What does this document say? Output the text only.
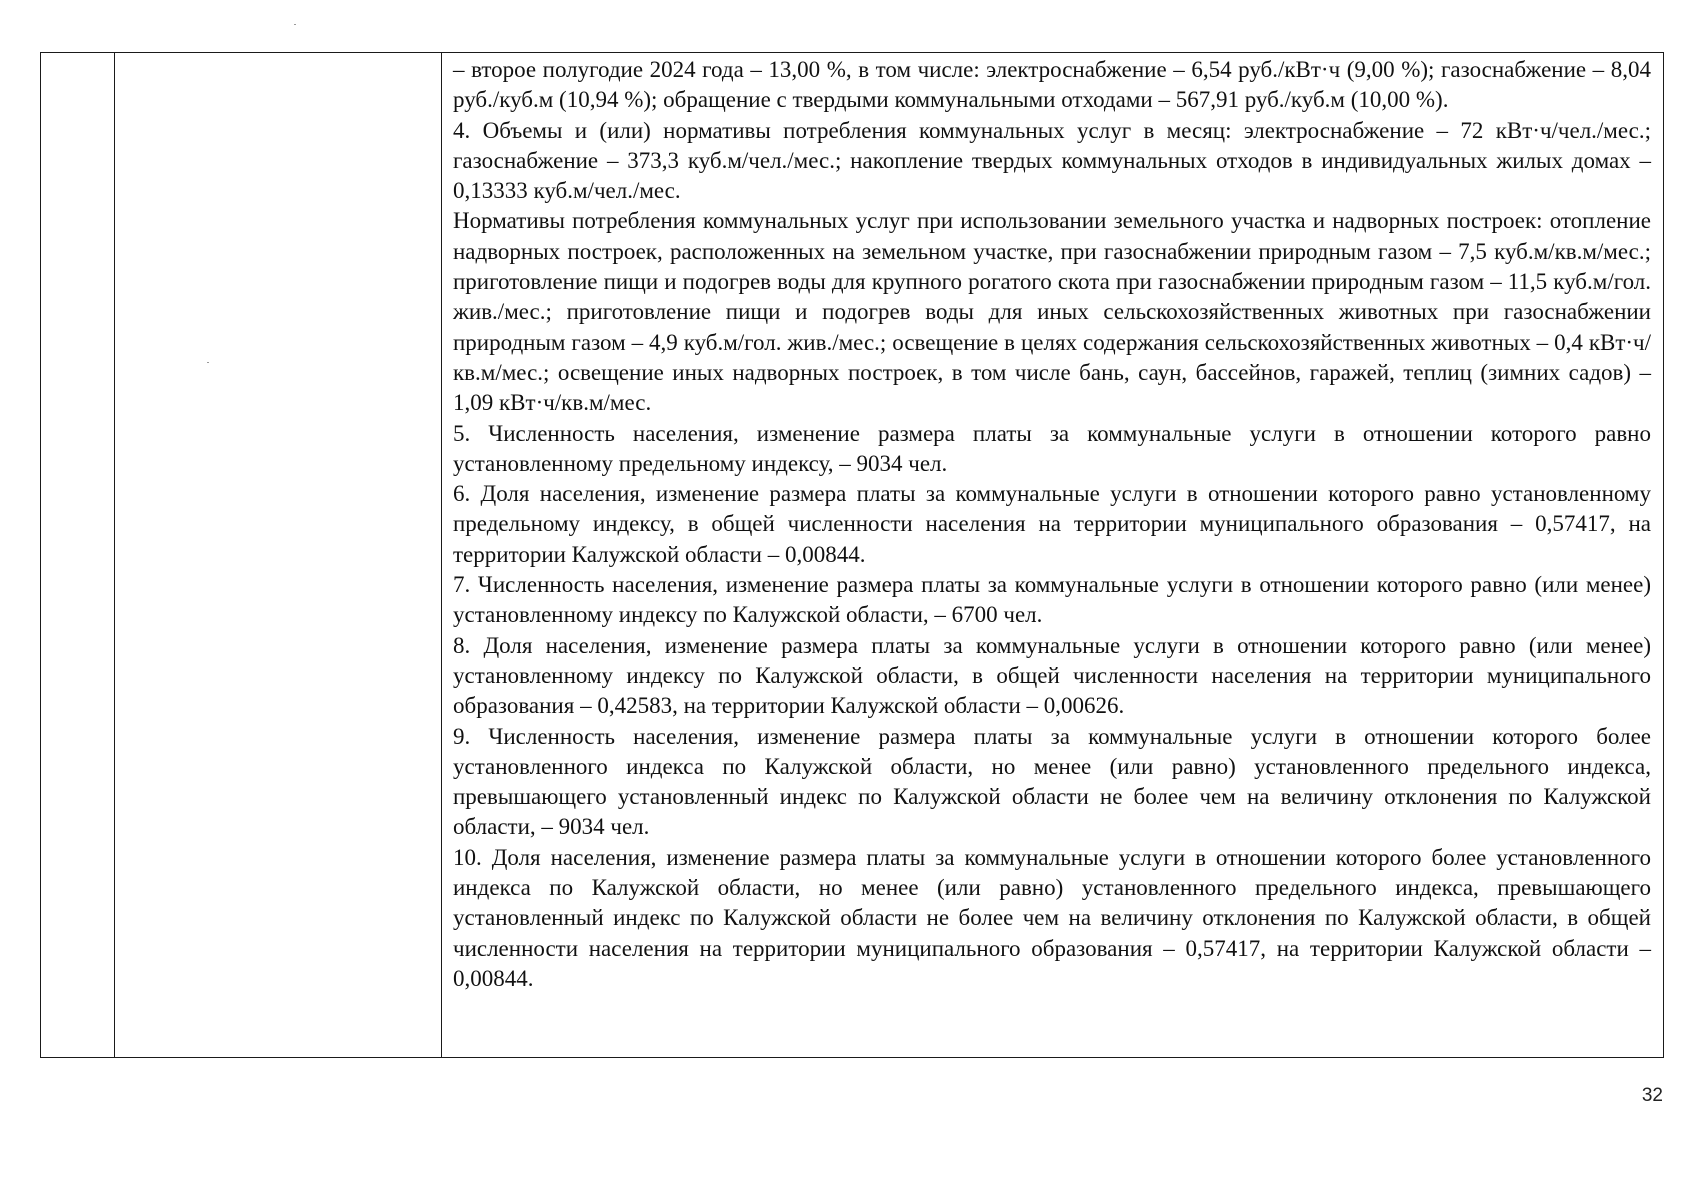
– второе полугодие 2024 года – 13,00 %, в том числе: электроснабжение – 6,54 руб./кВт·ч (9,00 %); газоснабжение – 8,04 руб./куб.м (10,94 %); обращение с твердыми коммунальными отходами – 567,91 руб./куб.м (10,00 %).

4. Объемы и (или) нормативы потребления коммунальных услуг в месяц: электроснабжение – 72 кВт·ч/чел./мес.; газоснабжение – 373,3 куб.м/чел./мес.; накопление твердых коммунальных отходов в индивидуальных жилых домах – 0,13333 куб.м/чел./мес.

Нормативы потребления коммунальных услуг при использовании земельного участка и надворных построек: отопление надворных построек, расположенных на земельном участке, при газоснабжении природным газом – 7,5 куб.м/кв.м/мес.; приготовление пищи и подогрев воды для крупного рогатого скота при газоснабжении природным газом – 11,5 куб.м/гол. жив./мес.; приготовление пищи и подогрев воды для иных сельскохозяйственных животных при газоснабжении природным газом – 4,9 куб.м/гол. жив./мес.; освещение в целях содержания сельскохозяйственных животных – 0,4 кВт·ч/кв.м/мес.; освещение иных надворных построек, в том числе бань, саун, бассейнов, гаражей, теплиц (зимних садов) – 1,09 кВт·ч/кв.м/мес.

5. Численность населения, изменение размера платы за коммунальные услуги в отношении которого равно установленному предельному индексу, – 9034 чел.

6. Доля населения, изменение размера платы за коммунальные услуги в отношении которого равно установленному предельному индексу, в общей численности населения на территории муниципального образования – 0,57417, на территории Калужской области – 0,00844.

7. Численность населения, изменение размера платы за коммунальные услуги в отношении которого равно (или менее) установленному индексу по Калужской области, – 6700 чел.

8. Доля населения, изменение размера платы за коммунальные услуги в отношении которого равно (или менее) установленному индексу по Калужской области, в общей численности населения на территории муниципального образования – 0,42583, на территории Калужской области – 0,00626.

9. Численность населения, изменение размера платы за коммунальные услуги в отношении которого более установленного индекса по Калужской области, но менее (или равно) установленного предельного индекса, превышающего установленный индекс по Калужской области не более чем на величину отклонения по Калужской области, – 9034 чел.

10. Доля населения, изменение размера платы за коммунальные услуги в отношении которого более установленного индекса по Калужской области, но менее (или равно) установленного предельного индекса, превышающего установленный индекс по Калужской области не более чем на величину отклонения по Калужской области, в общей численности населения на территории муниципального образования – 0,57417, на территории Калужской области – 0,00844.

32
